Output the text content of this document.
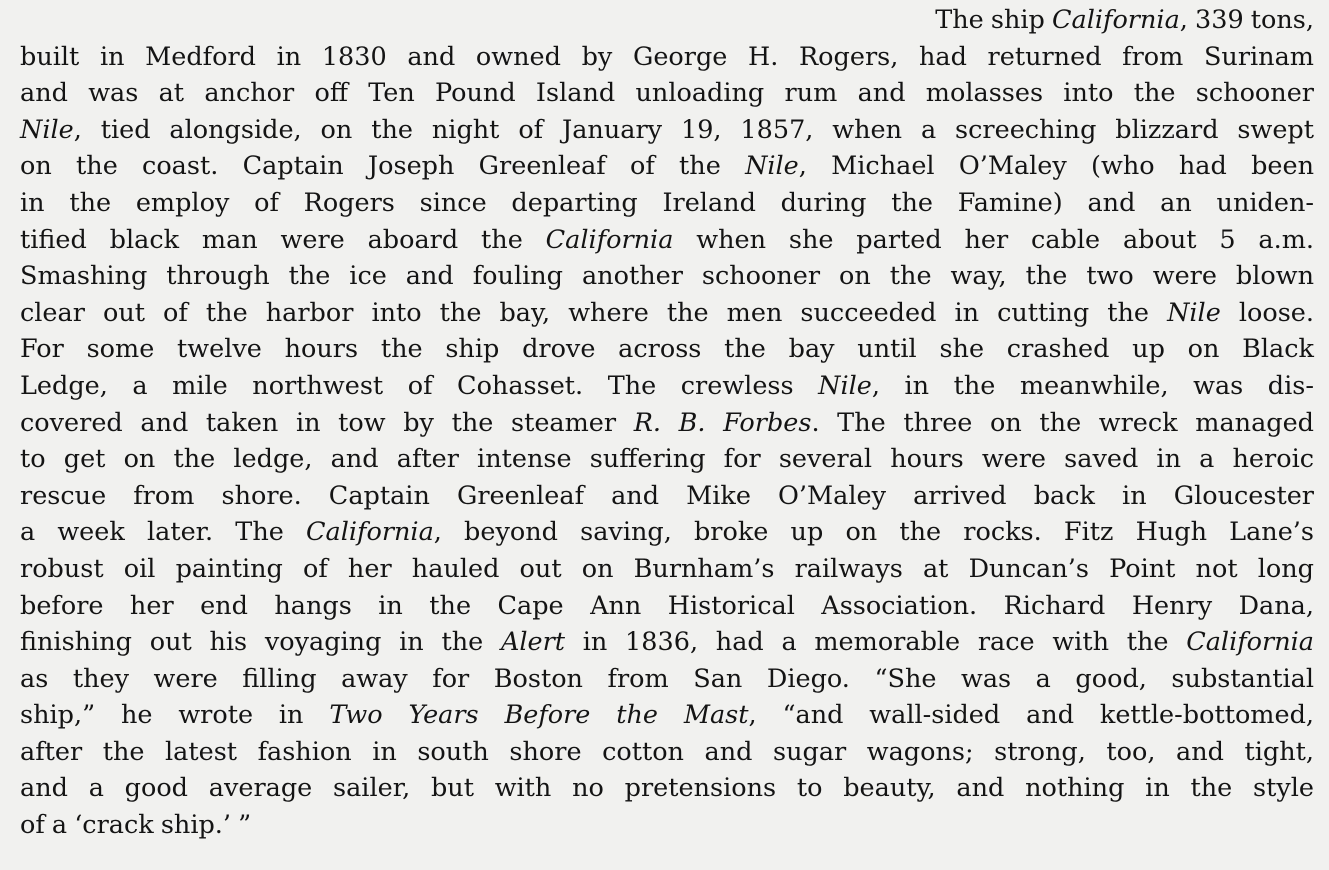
The ship California, 339 tons,
built in Medford in 1830 and owned by George H. Rogers, had returned from Surinam
and was at anchor off Ten Pound Island unloading rum and molasses into the schooner
Nile, tied alongside, on the night of January 19, 1857, when a screeching blizzard swept
on the coast. Captain Joseph Greenleaf of the Nile, Michael O’Maley (who had been
in the employ of Rogers since departing Ireland during the Famine) and an uniden-
tified black man were aboard the California when she parted her cable about 5 a.m.
Smashing through the ice and fouling another schooner on the way, the two were blown
clear out of the harbor into the bay, where the men succeeded in cutting the Nile loose.
For some twelve hours the ship drove across the bay until she crashed up on Black
Ledge, a mile northwest of Cohasset. The crewless Nile, in the meanwhile, was dis-
covered and taken in tow by the steamer R. B. Forbes. The three on the wreck managed
to get on the ledge, and after intense suffering for several hours were saved in a heroic
rescue from shore. Captain Greenleaf and Mike O’Maley arrived back in Gloucester
a week later. The California, beyond saving, broke up on the rocks. Fitz Hugh Lane’s
robust oil painting of her hauled out on Burnham’s railways at Duncan’s Point not long
before her end hangs in the Cape Ann Historical Association. Richard Henry Dana,
finishing out his voyaging in the Alert in 1836, had a memorable race with the California
as they were filling away for Boston from San Diego. “She was a good, substantial
ship,” he wrote in Two Years Before the Mast, “and wall-sided and kettle-bottomed,
after the latest fashion in south shore cotton and sugar wagons; strong, too, and tight,
and a good average sailer, but with no pretensions to beauty, and nothing in the style
of a ‘crack ship.’ ”
